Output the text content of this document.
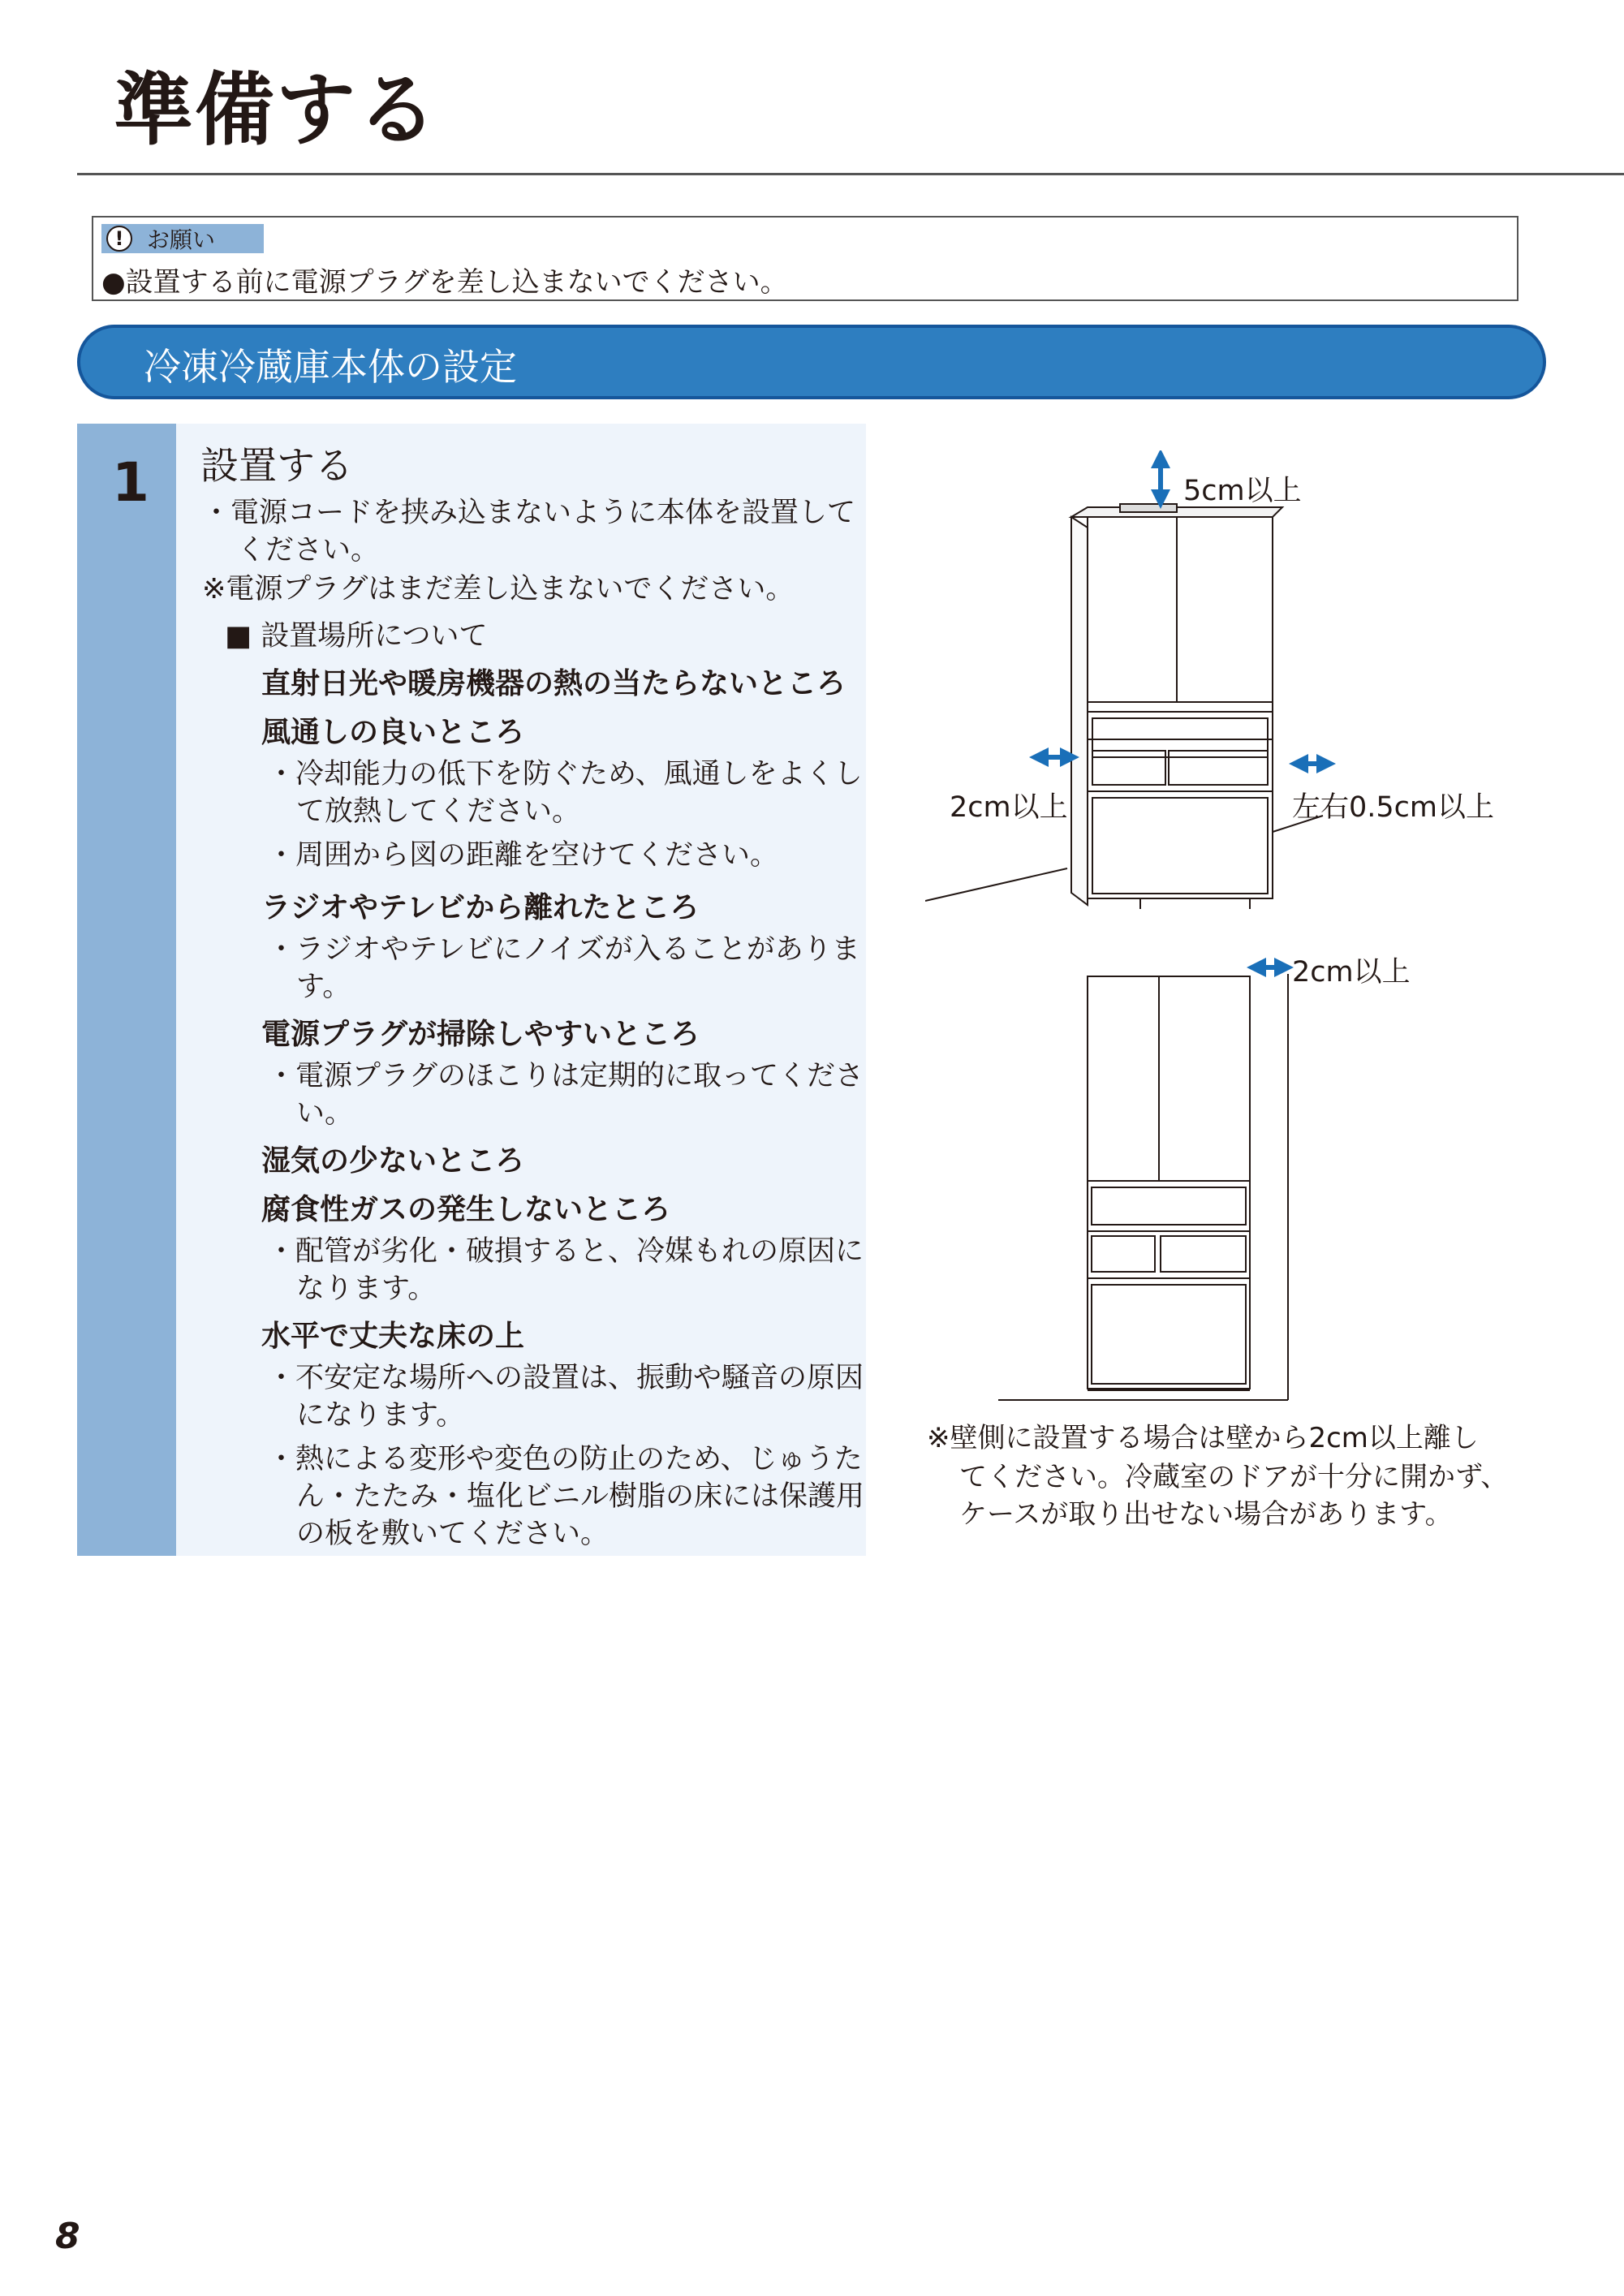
準備する
!	お願い
●設置する前に電源プラグを差し込まないでください。
冷凍冷蔵庫本体の設定
1 設置する
・電源コードを挟み込まないように本体を設置して
ください。
※電源プラグはまだ差し込まないでください。
■ 設置場所について
直射日光や暖房機器の熱の当たらないところ
風通しの良いところ
・冷却能力の低下を防ぐため、風通しをよくし
て放熱してください。
・周囲から図の距離を空けてください。
ラジオやテレビから離れたところ
・ラジオやテレビにノイズが入ることがありま
す。
電源プラグが掃除しやすいところ
・電源プラグのほこりは定期的に取ってくださ
い。
湿気の少ないところ
腐食性ガスの発生しないところ
・配管が劣化・破損すると、冷媒もれの原因に
なります。
水平で丈夫な床の上
・不安定な場所への設置は、振動や騒音の原因
になります。
・熱による変形や変色の防止のため、じゅうた
ん・たたみ・塩化ビニル樹脂の床には保護用
の板を敷いてください。
5cm以上
2cm以上	左右0.5cm以上
2cm以上
※壁側に設置する場合は壁から2cm以上離し
てください。冷蔵室のドアが十分に開かず、
ケースが取り出せない場合があります。
8
